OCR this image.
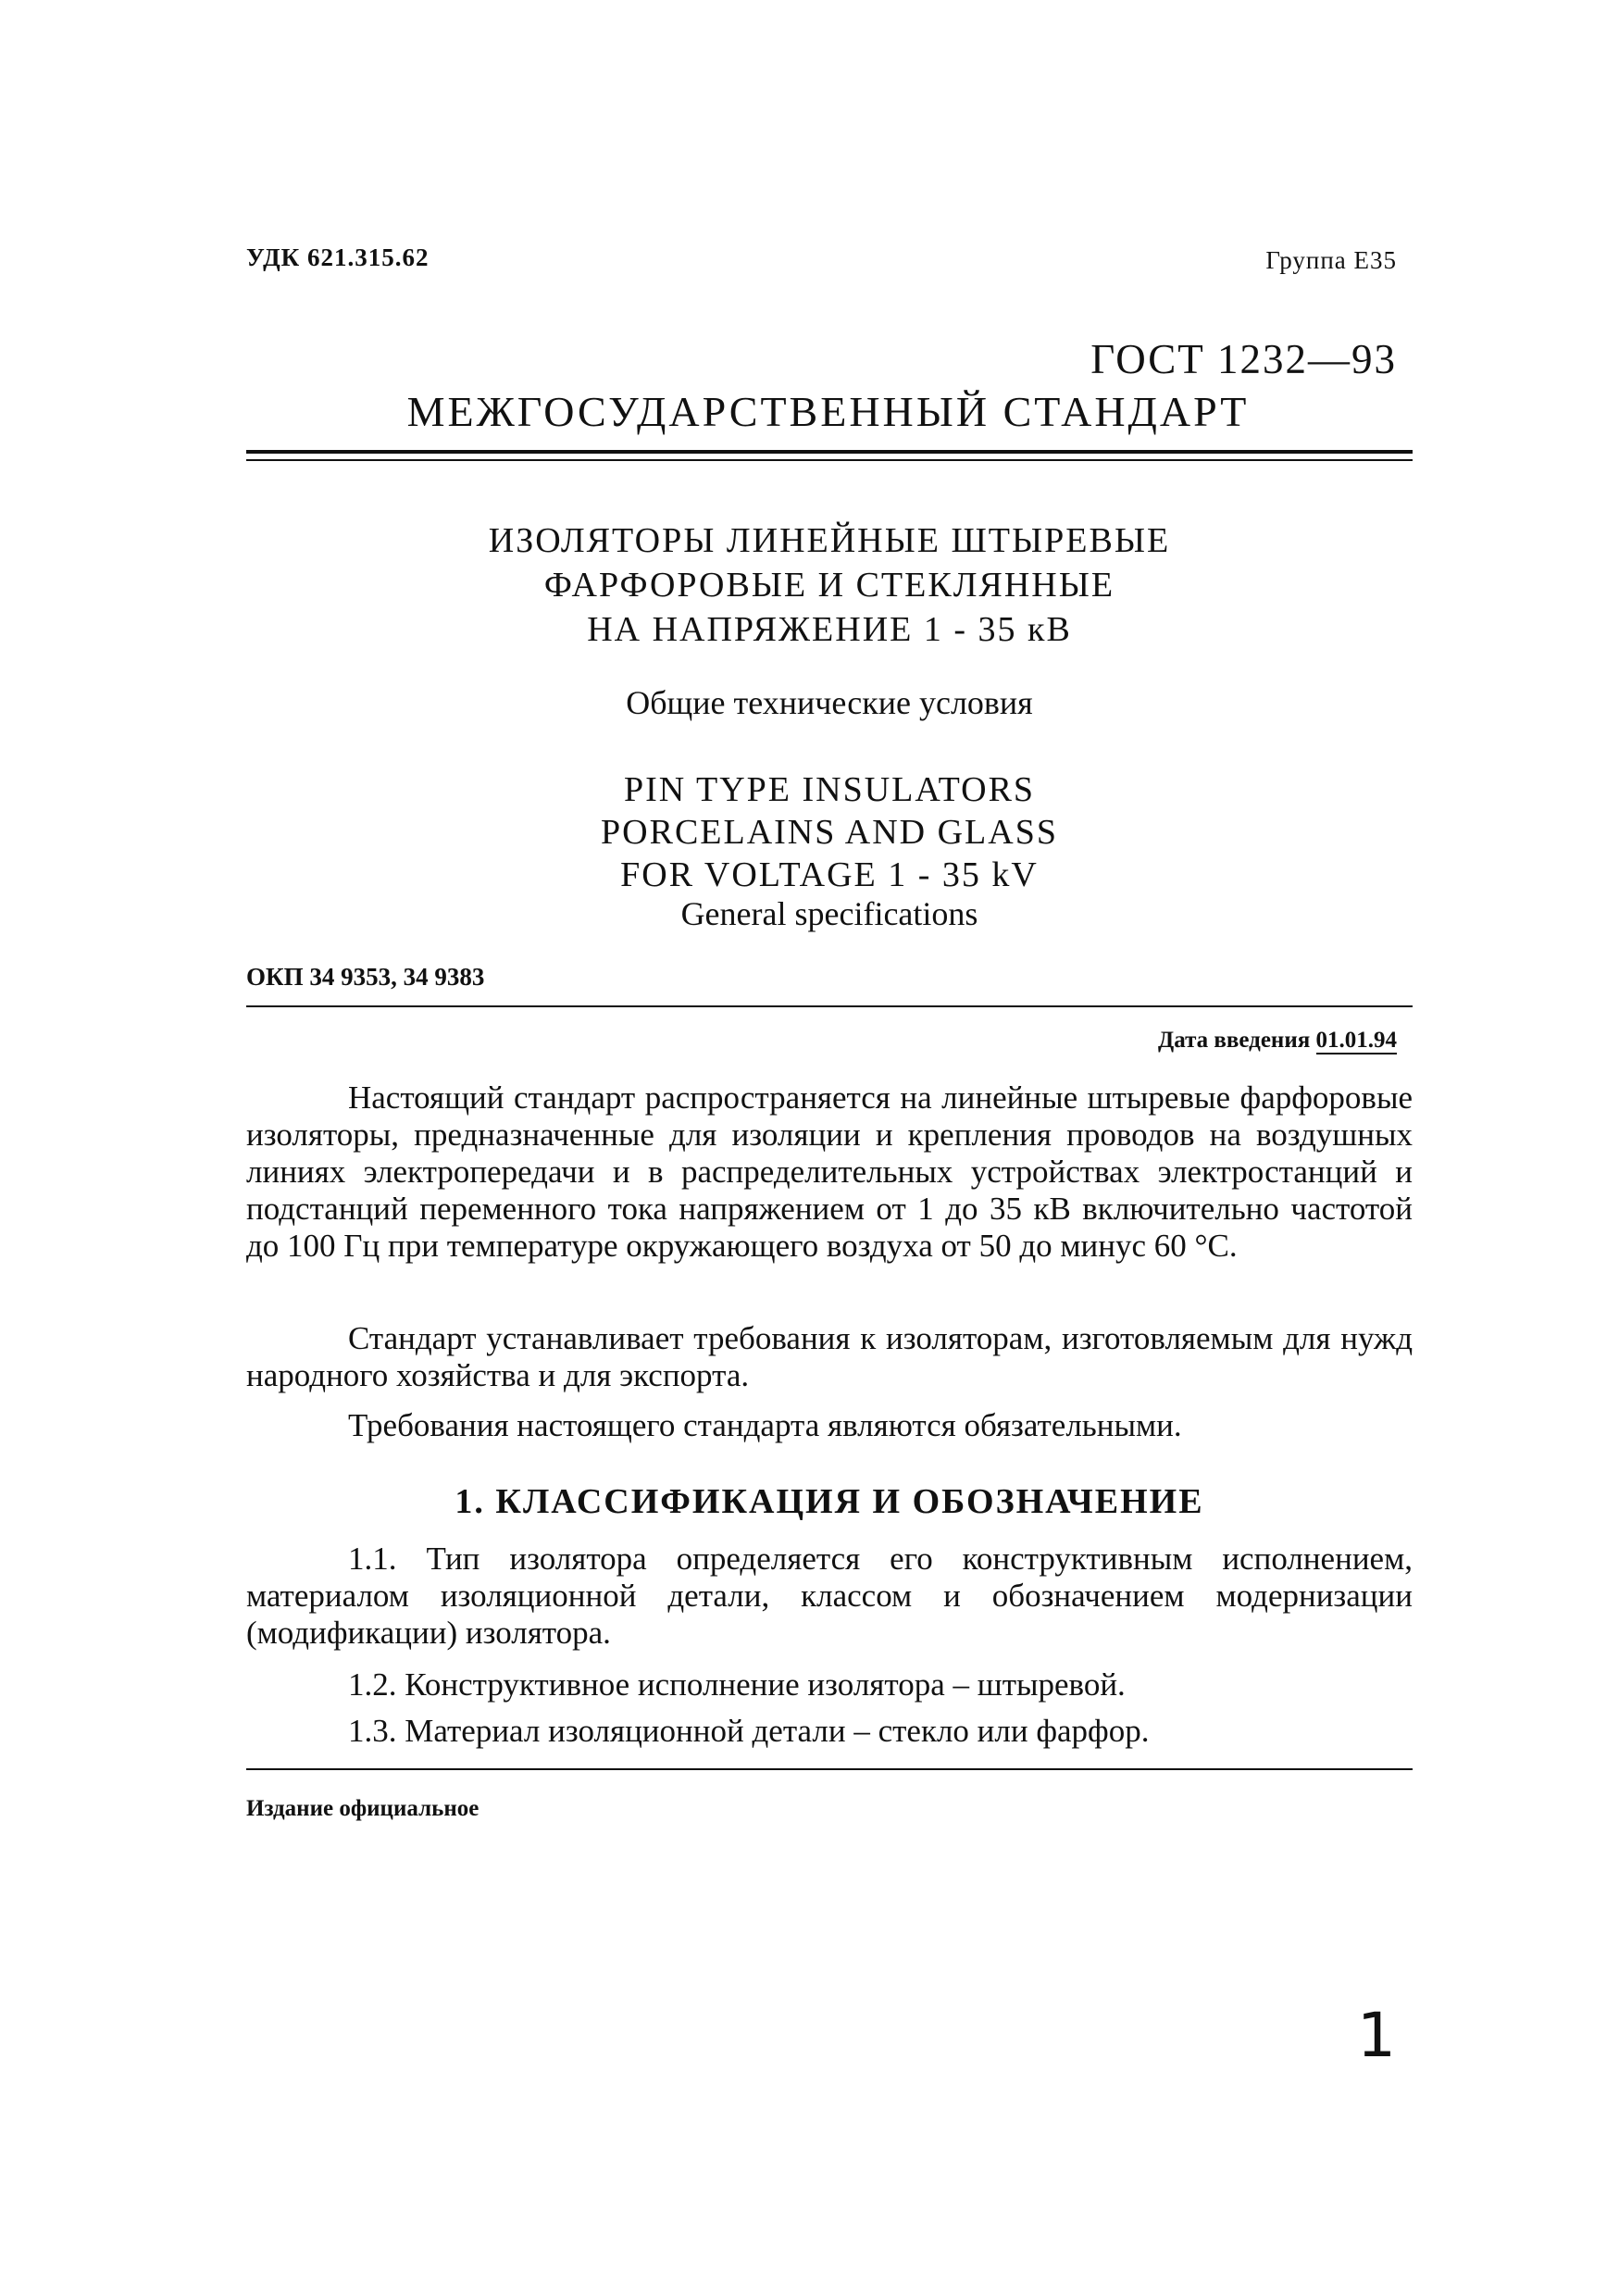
УДК 621.315.62	Группа Е35
ГОСТ 1232—93
МЕЖГОСУДАРСТВЕННЫЙ СТАНДАРТ
ИЗОЛЯТОРЫ ЛИНЕЙНЫЕ ШТЫРЕВЫЕ
ФАРФОРОВЫЕ И СТЕКЛЯННЫЕ
НА НАПРЯЖЕНИЕ 1 - 35 кВ
Общие технические условия
PIN TYPE INSULATORS
PORCELAINS AND GLASS
FOR VOLTAGE 1 - 35 kV
General specifications
ОКП 34 9353, 34 9383
Дата введения 01.01.94
Настоящий стандарт распространяется на линейные штыревые фарфоровые изоляторы, предназначенные для изоляции и крепления проводов на воздушных линиях электропередачи и в распределительных устройствах электростанций и подстанций переменного тока напряжением от 1 до 35 кВ включительно частотой до 100 Гц при температуре окружающего воздуха от 50 до минус 60 °С.
Стандарт устанавливает требования к изоляторам, изготовляемым для нужд народного хозяйства и для экспорта.
Требования настоящего стандарта являются обязательными.
1. КЛАССИФИКАЦИЯ И ОБОЗНАЧЕНИЕ
1.1. Тип изолятора определяется его конструктивным исполнением, материалом изоляционной детали, классом и обозначением модернизации (модификации) изолятора.
1.2. Конструктивное исполнение изолятора – штыревой.
1.3. Материал изоляционной детали – стекло или фарфор.
Издание официальное
1
